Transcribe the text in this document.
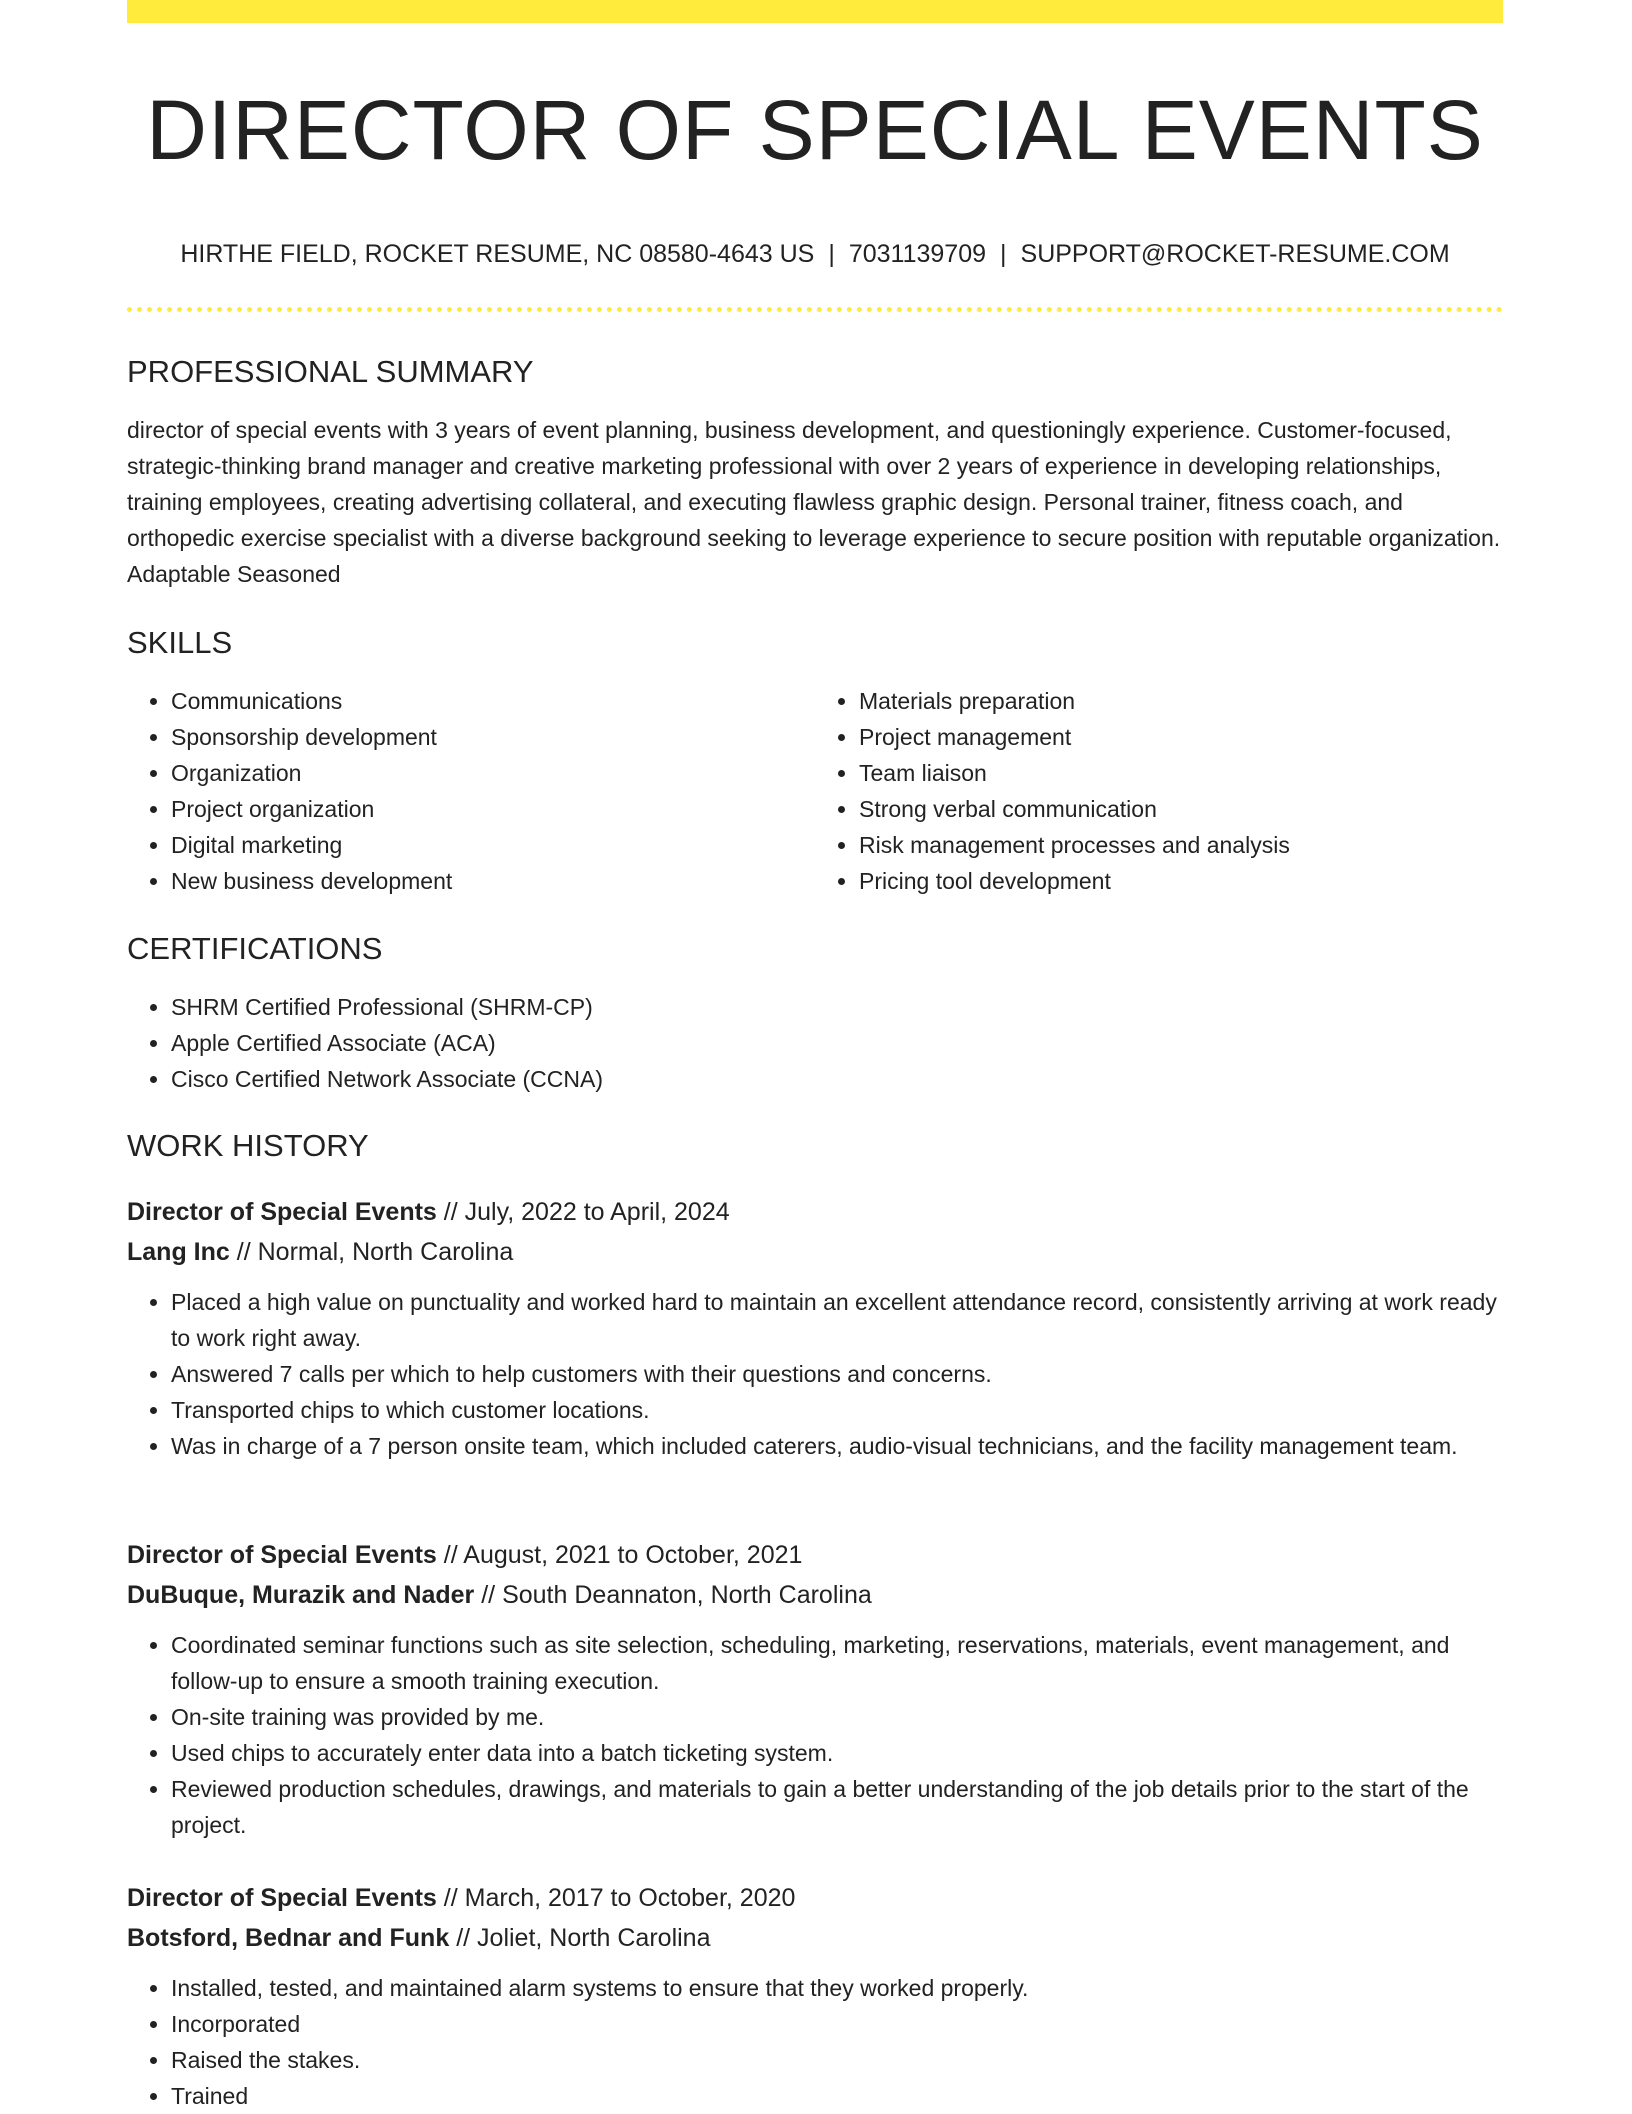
DIRECTOR OF SPECIAL EVENTS
HIRTHE FIELD, ROCKET RESUME, NC 08580-4643 US | 7031139709 | SUPPORT@ROCKET-RESUME.COM
PROFESSIONAL SUMMARY

director of special events with 3 years of event planning, business development, and questioningly experience. Customer-focused, strategic-thinking brand manager and creative marketing professional with over 2 years of experience in developing relationships, training employees, creating advertising collateral, and executing flawless graphic design. Personal trainer, fitness coach, and orthopedic exercise specialist with a diverse background seeking to leverage experience to secure position with reputable organization. Adaptable Seasoned

SKILLS
• Communications
• Sponsorship development
• Organization
• Project organization
• Digital marketing
• New business development
• Materials preparation
• Project management
• Team liaison
• Strong verbal communication
• Risk management processes and analysis
• Pricing tool development
CERTIFICATIONS
• SHRM Certified Professional (SHRM-CP)
• Apple Certified Associate (ACA)
• Cisco Certified Network Associate (CCNA)
WORK HISTORY

Director of Special Events // July, 2022 to April, 2024

Lang Inc // Normal, North Carolina

• Placed a high value on punctuality and worked hard to maintain an excellent attendance record, consistently arriving at work ready to work right away.
• Answered 7 calls per which to help customers with their questions and concerns.
• Transported chips to which customer locations.
• Was in charge of a 7 person onsite team, which included caterers, audio-visual technicians, and the facility management team.

Director of Special Events // August, 2021 to October, 2021

DuBuque, Murazik and Nader // South Deannaton, North Carolina

• Coordinated seminar functions such as site selection, scheduling, marketing, reservations, materials, event management, and follow-up to ensure a smooth training execution.
• On-site training was provided by me.
• Used chips to accurately enter data into a batch ticketing system.
• Reviewed production schedules, drawings, and materials to gain a better understanding of the job details prior to the start of the project.

Director of Special Events // March, 2017 to October, 2020

Botsford, Bednar and Funk // Joliet, North Carolina

• Installed, tested, and maintained alarm systems to ensure that they worked properly.
• Incorporated
• Raised the stakes.
• Trained
